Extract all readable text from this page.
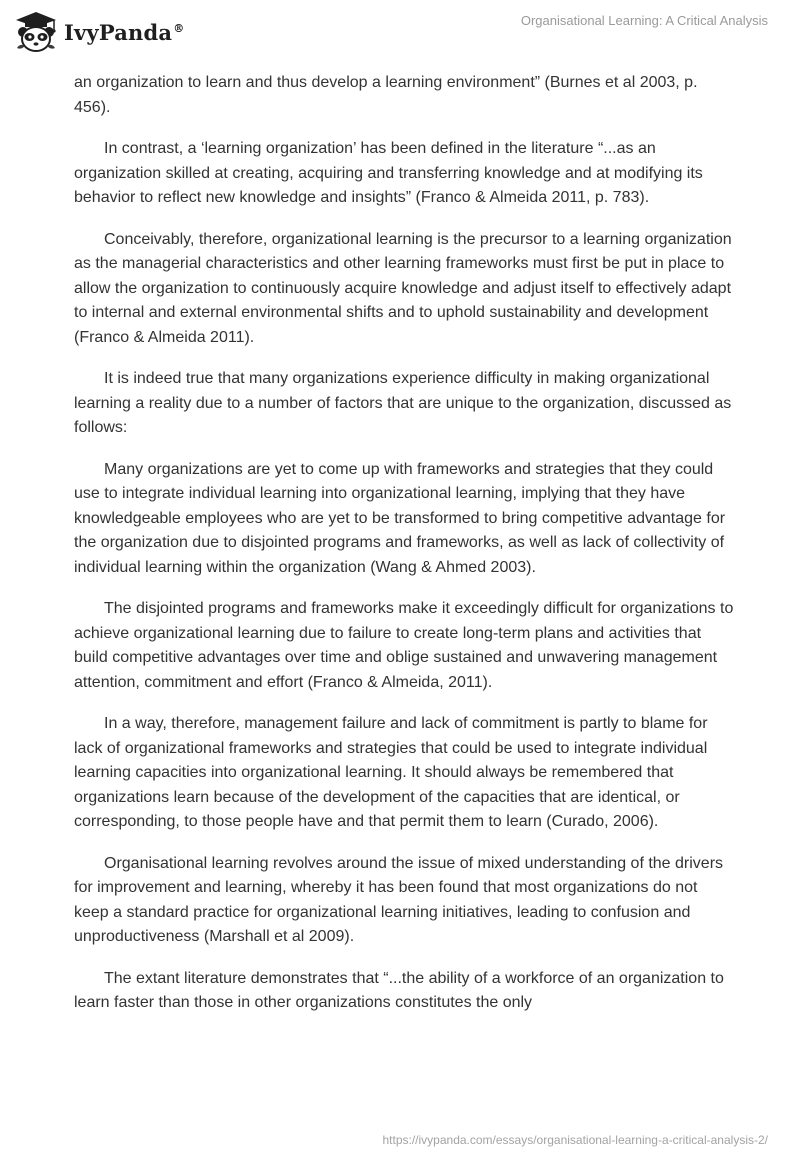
IvyPanda®	Organisational Learning: A Critical Analysis

an organization to learn and thus develop a learning environment” (Burnes et al 2003, p. 456).

In contrast, a ‘learning organization’ has been defined in the literature “...as an organization skilled at creating, acquiring and transferring knowledge and at modifying its behavior to reflect new knowledge and insights” (Franco & Almeida 2011, p. 783).

Conceivably, therefore, organizational learning is the precursor to a learning organization as the managerial characteristics and other learning frameworks must first be put in place to allow the organization to continuously acquire knowledge and adjust itself to effectively adapt to internal and external environmental shifts and to uphold sustainability and development (Franco & Almeida 2011).

It is indeed true that many organizations experience difficulty in making organizational learning a reality due to a number of factors that are unique to the organization, discussed as follows:

Many organizations are yet to come up with frameworks and strategies that they could use to integrate individual learning into organizational learning, implying that they have knowledgeable employees who are yet to be transformed to bring competitive advantage for the organization due to disjointed programs and frameworks, as well as lack of collectivity of individual learning within the organization (Wang & Ahmed 2003).

The disjointed programs and frameworks make it exceedingly difficult for organizations to achieve organizational learning due to failure to create long-term plans and activities that build competitive advantages over time and oblige sustained and unwavering management attention, commitment and effort (Franco & Almeida, 2011).

In a way, therefore, management failure and lack of commitment is partly to blame for lack of organizational frameworks and strategies that could be used to integrate individual learning capacities into organizational learning. It should always be remembered that organizations learn because of the development of the capacities that are identical, or corresponding, to those people have and that permit them to learn (Curado, 2006).

Organisational learning revolves around the issue of mixed understanding of the drivers for improvement and learning, whereby it has been found that most organizations do not keep a standard practice for organizational learning initiatives, leading to confusion and unproductiveness (Marshall et al 2009).

The extant literature demonstrates that “...the ability of a workforce of an organization to learn faster than those in other organizations constitutes the only

https://ivypanda.com/essays/organisational-learning-a-critical-analysis-2/
